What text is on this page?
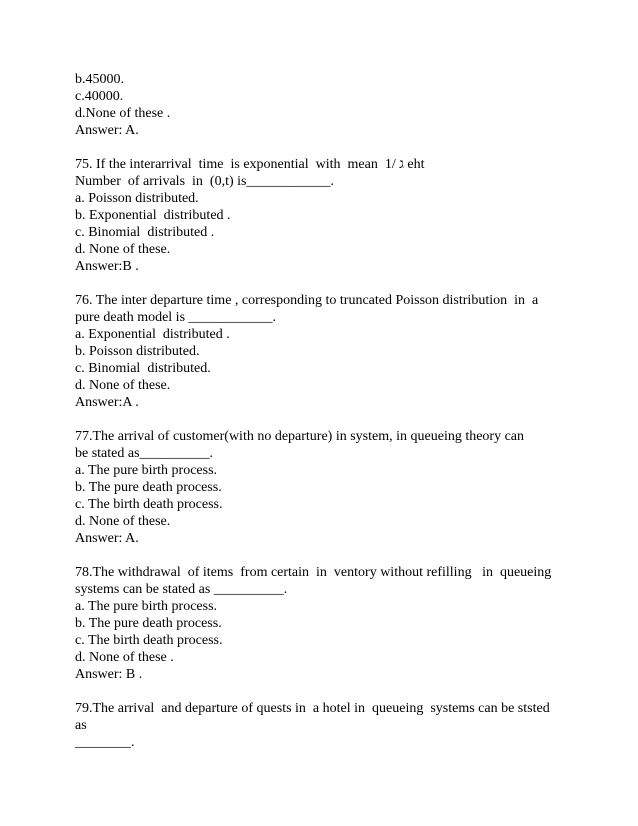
b.45000.
c.40000.
d.None of these .
Answer: A.
75. If the interarrival  time  is exponential  with  mean  1/ ג eht
Number  of arrivals  in  (0,t) is____________.
a. Poisson distributed.
b. Exponential  distributed .
c. Binomial  distributed .
d. None of these.
Answer:B .
76. The inter departure time , corresponding to truncated Poisson distribution  in  a
pure death model is ____________.
a. Exponential  distributed .
b. Poisson distributed.
c. Binomial  distributed.
d. None of these.
Answer:A .
77.The arrival of customer(with no departure) in system, in queueing theory can
be stated as__________.
a. The pure birth process.
b. The pure death process.
c. The birth death process.
d. None of these.
Answer: A.
78.The withdrawal  of items  from certain  in  ventory without refilling   in  queueing
systems can be stated as __________.
a. The pure birth process.
b. The pure death process.
c. The birth death process.
d. None of these .
Answer: B .
79.The arrival  and departure of quests in  a hotel in  queueing  systems can be ststed
as
________.
